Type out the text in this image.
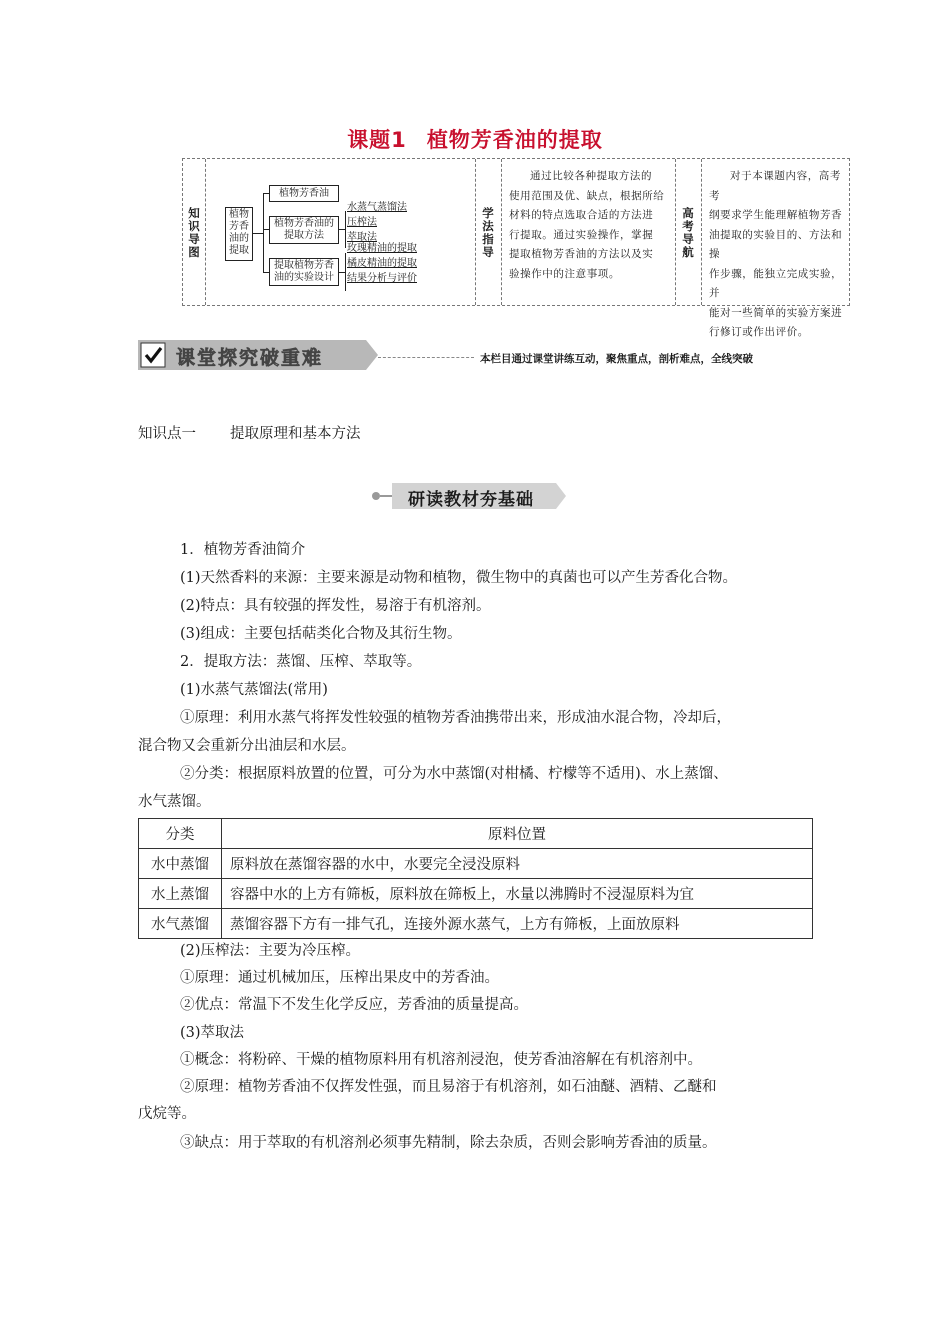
课题1 植物芳香油的提取
知识导图
植物芳香油的提取
植物芳香油
植物芳香油的提取方法
水蒸气蒸馏法
压榨法
萃取法
提取植物芳香油的实验设计
玫瑰精油的提取
橘皮精油的提取
结果分析与评价
学法指导
通过比较各种提取方法的
使用范围及优、缺点，根据所给
材料的特点选取合适的方法进
行提取。通过实验操作，掌握
提取植物芳香油的方法以及实
验操作中的注意事项。
高考导航
对于本课题内容，高考考
纲要求学生能理解植物芳香
油提取的实验目的、方法和操
作步骤，能独立完成实验，并
能对一些简单的实验方案进
行修订或作出评价。
课堂探究破重难	本栏目通过课堂讲练互动，聚焦重点，剖析难点，全线突破
知识点一 提取原理和基本方法
研读教材夯基础
1．植物芳香油简介
(1)天然香料的来源：主要来源是动物和植物，微生物中的真菌也可以产生芳香化合物。
(2)特点：具有较强的挥发性，易溶于有机溶剂。
(3)组成：主要包括萜类化合物及其衍生物。
2．提取方法：蒸馏、压榨、萃取等。
(1)水蒸气蒸馏法(常用)
①原理：利用水蒸气将挥发性较强的植物芳香油携带出来，形成油水混合物，冷却后，
混合物又会重新分出油层和水层。
②分类：根据原料放置的位置，可分为水中蒸馏(对柑橘、柠檬等不适用)、水上蒸馏、
水气蒸馏。
分类	原料位置
水中蒸馏	原料放在蒸馏容器的水中，水要完全浸没原料
水上蒸馏	容器中水的上方有筛板，原料放在筛板上，水量以沸腾时不浸湿原料为宜
水气蒸馏	蒸馏容器下方有一排气孔，连接外源水蒸气，上方有筛板，上面放原料
(2)压榨法：主要为冷压榨。
①原理：通过机械加压，压榨出果皮中的芳香油。
②优点：常温下不发生化学反应，芳香油的质量提高。
(3)萃取法
①概念：将粉碎、干燥的植物原料用有机溶剂浸泡，使芳香油溶解在有机溶剂中。
②原理：植物芳香油不仅挥发性强，而且易溶于有机溶剂，如石油醚、酒精、乙醚和
戊烷等。
③缺点：用于萃取的有机溶剂必须事先精制，除去杂质，否则会影响芳香油的质量。
